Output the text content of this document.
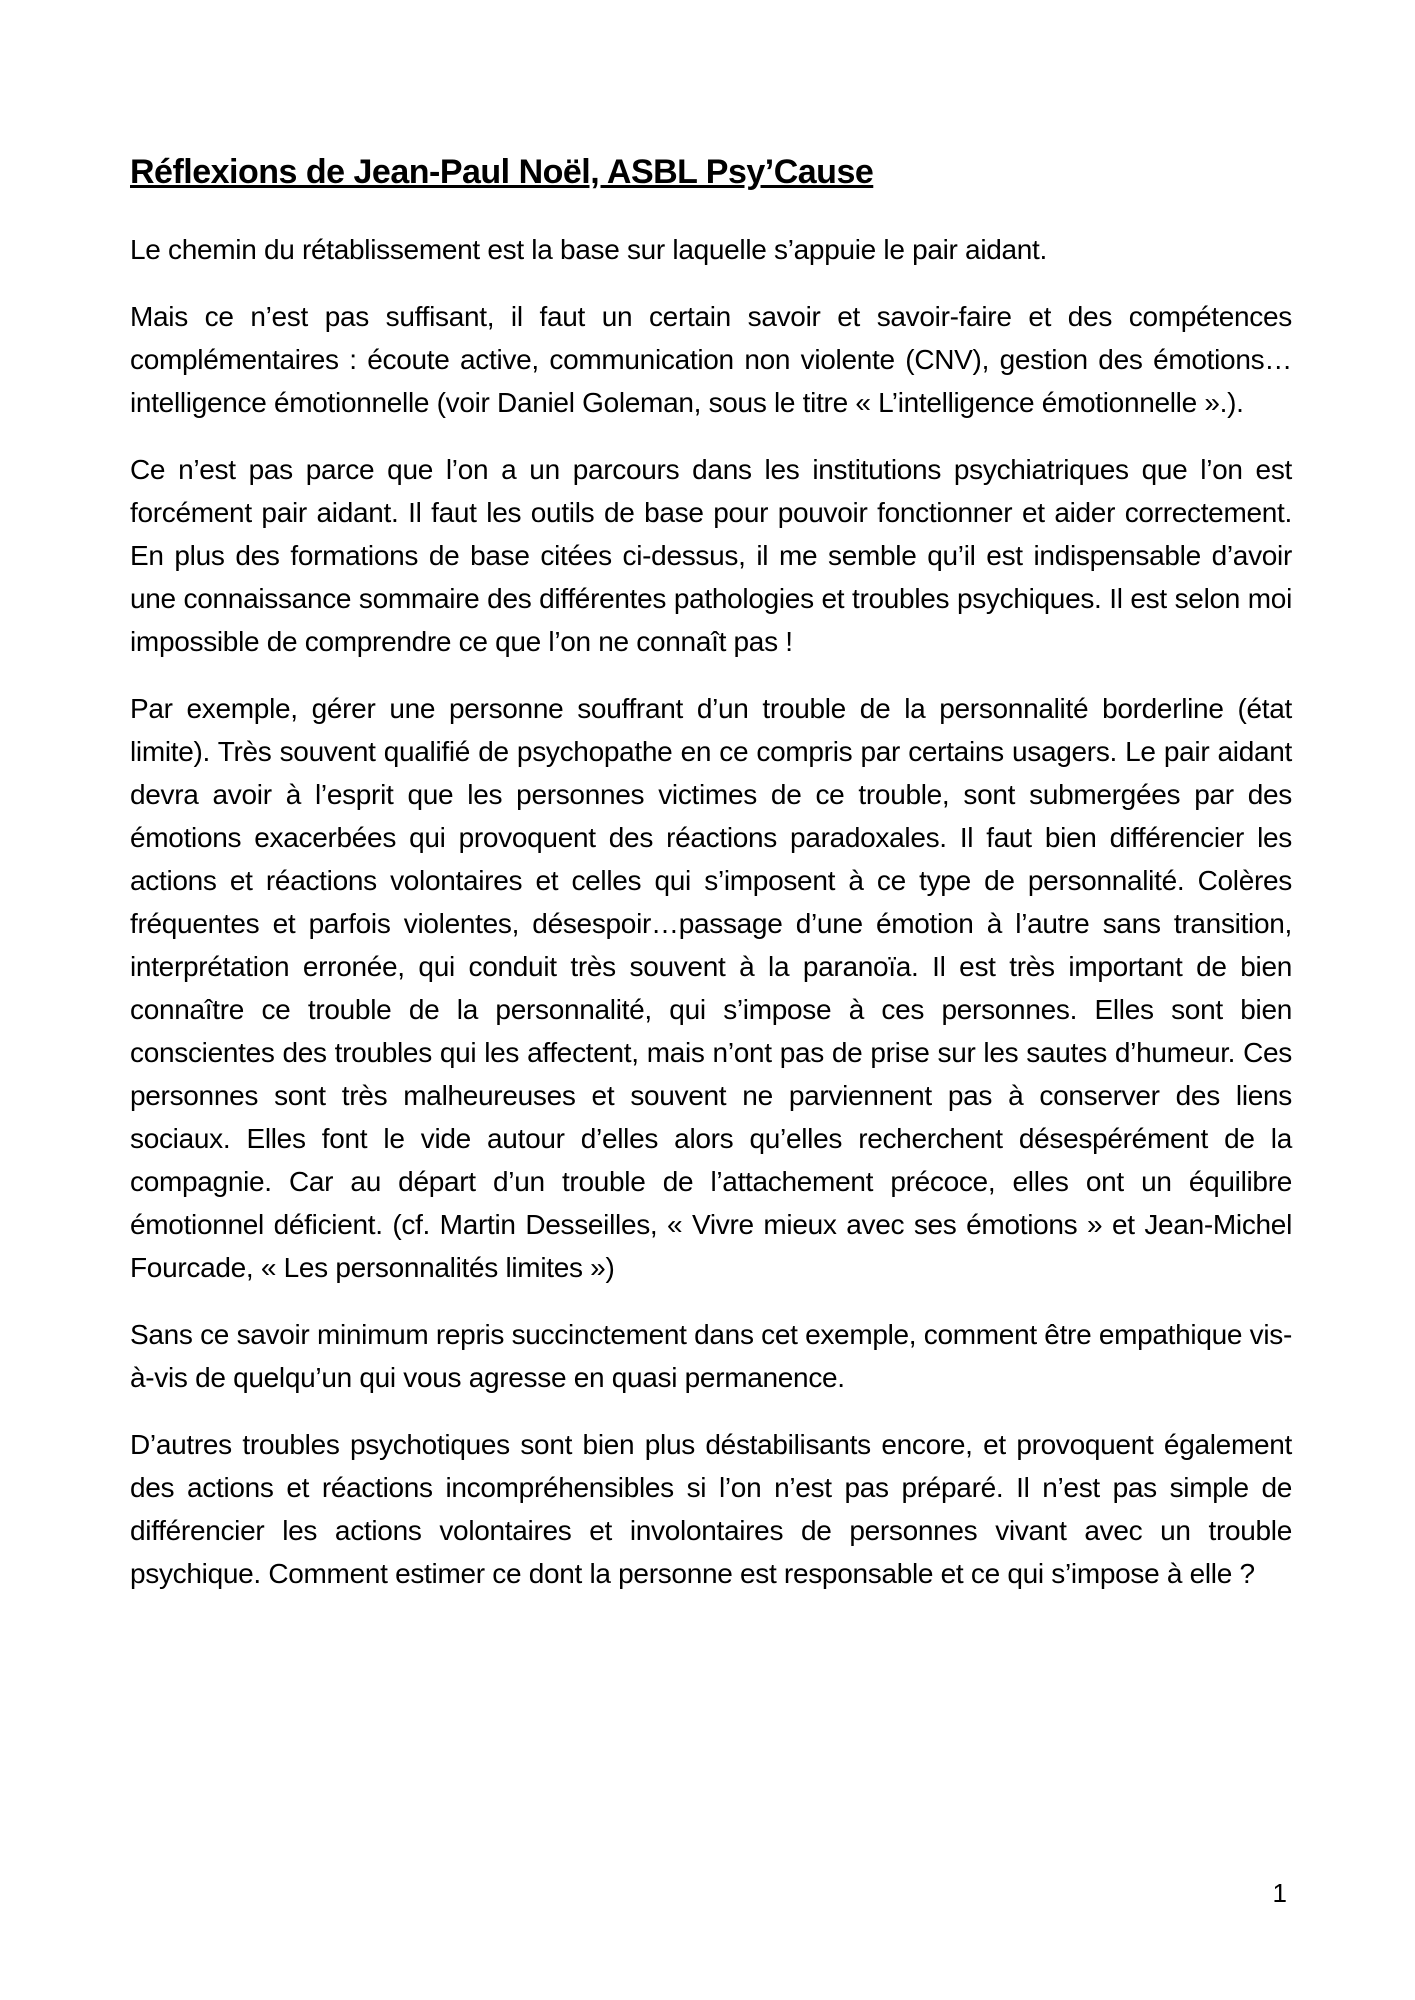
Réflexions de Jean-Paul Noël, ASBL Psy’Cause

Le chemin du rétablissement est la base sur laquelle s’appuie le pair aidant.

Mais ce n’est pas suffisant, il faut un certain savoir et savoir-faire et des compétences complémentaires : écoute active, communication non violente (CNV), gestion des émotions…intelligence émotionnelle (voir Daniel Goleman, sous le titre « L’intelligence émotionnelle ».).

Ce n’est pas parce que l’on a un parcours dans les institutions psychiatriques que l’on est forcément pair aidant. Il faut les outils de base pour pouvoir fonctionner et aider correctement. En plus des formations de base citées ci-dessus, il me semble qu’il est indispensable d’avoir une connaissance sommaire des différentes pathologies et troubles psychiques. Il est selon moi impossible de comprendre ce que l’on ne connaît pas !

Par exemple, gérer une personne souffrant d’un trouble de la personnalité borderline (état limite). Très souvent qualifié de psychopathe en ce compris par certains usagers. Le pair aidant devra avoir à l’esprit que les personnes victimes de ce trouble, sont submergées par des émotions exacerbées qui provoquent des réactions paradoxales. Il faut bien différencier les actions et réactions volontaires et celles qui s’imposent à ce type de personnalité. Colères fréquentes et parfois violentes, désespoir…passage d’une émotion à l’autre sans transition, interprétation erronée, qui conduit très souvent à la paranoïa. Il est très important de bien connaître ce trouble de la personnalité, qui s’impose à ces personnes. Elles sont bien conscientes des troubles qui les affectent, mais n’ont pas de prise sur les sautes d’humeur. Ces personnes sont très malheureuses et souvent ne parviennent pas à conserver des liens sociaux. Elles font le vide autour d’elles alors qu’elles recherchent désespérément de la compagnie. Car au départ d’un trouble de l’attachement précoce, elles ont un équilibre émotionnel déficient. (cf. Martin Desseilles, « Vivre mieux avec ses émotions » et Jean-Michel Fourcade, « Les personnalités limites »)

Sans ce savoir minimum repris succinctement dans cet exemple, comment être empathique vis-à-vis de quelqu’un qui vous agresse en quasi permanence.

D’autres troubles psychotiques sont bien plus déstabilisants encore, et provoquent également des actions et réactions incompréhensibles si l’on n’est pas préparé. Il n’est pas simple de différencier les actions volontaires et involontaires de personnes vivant avec un trouble psychique. Comment estimer ce dont la personne est responsable et ce qui s’impose à elle ?

1
